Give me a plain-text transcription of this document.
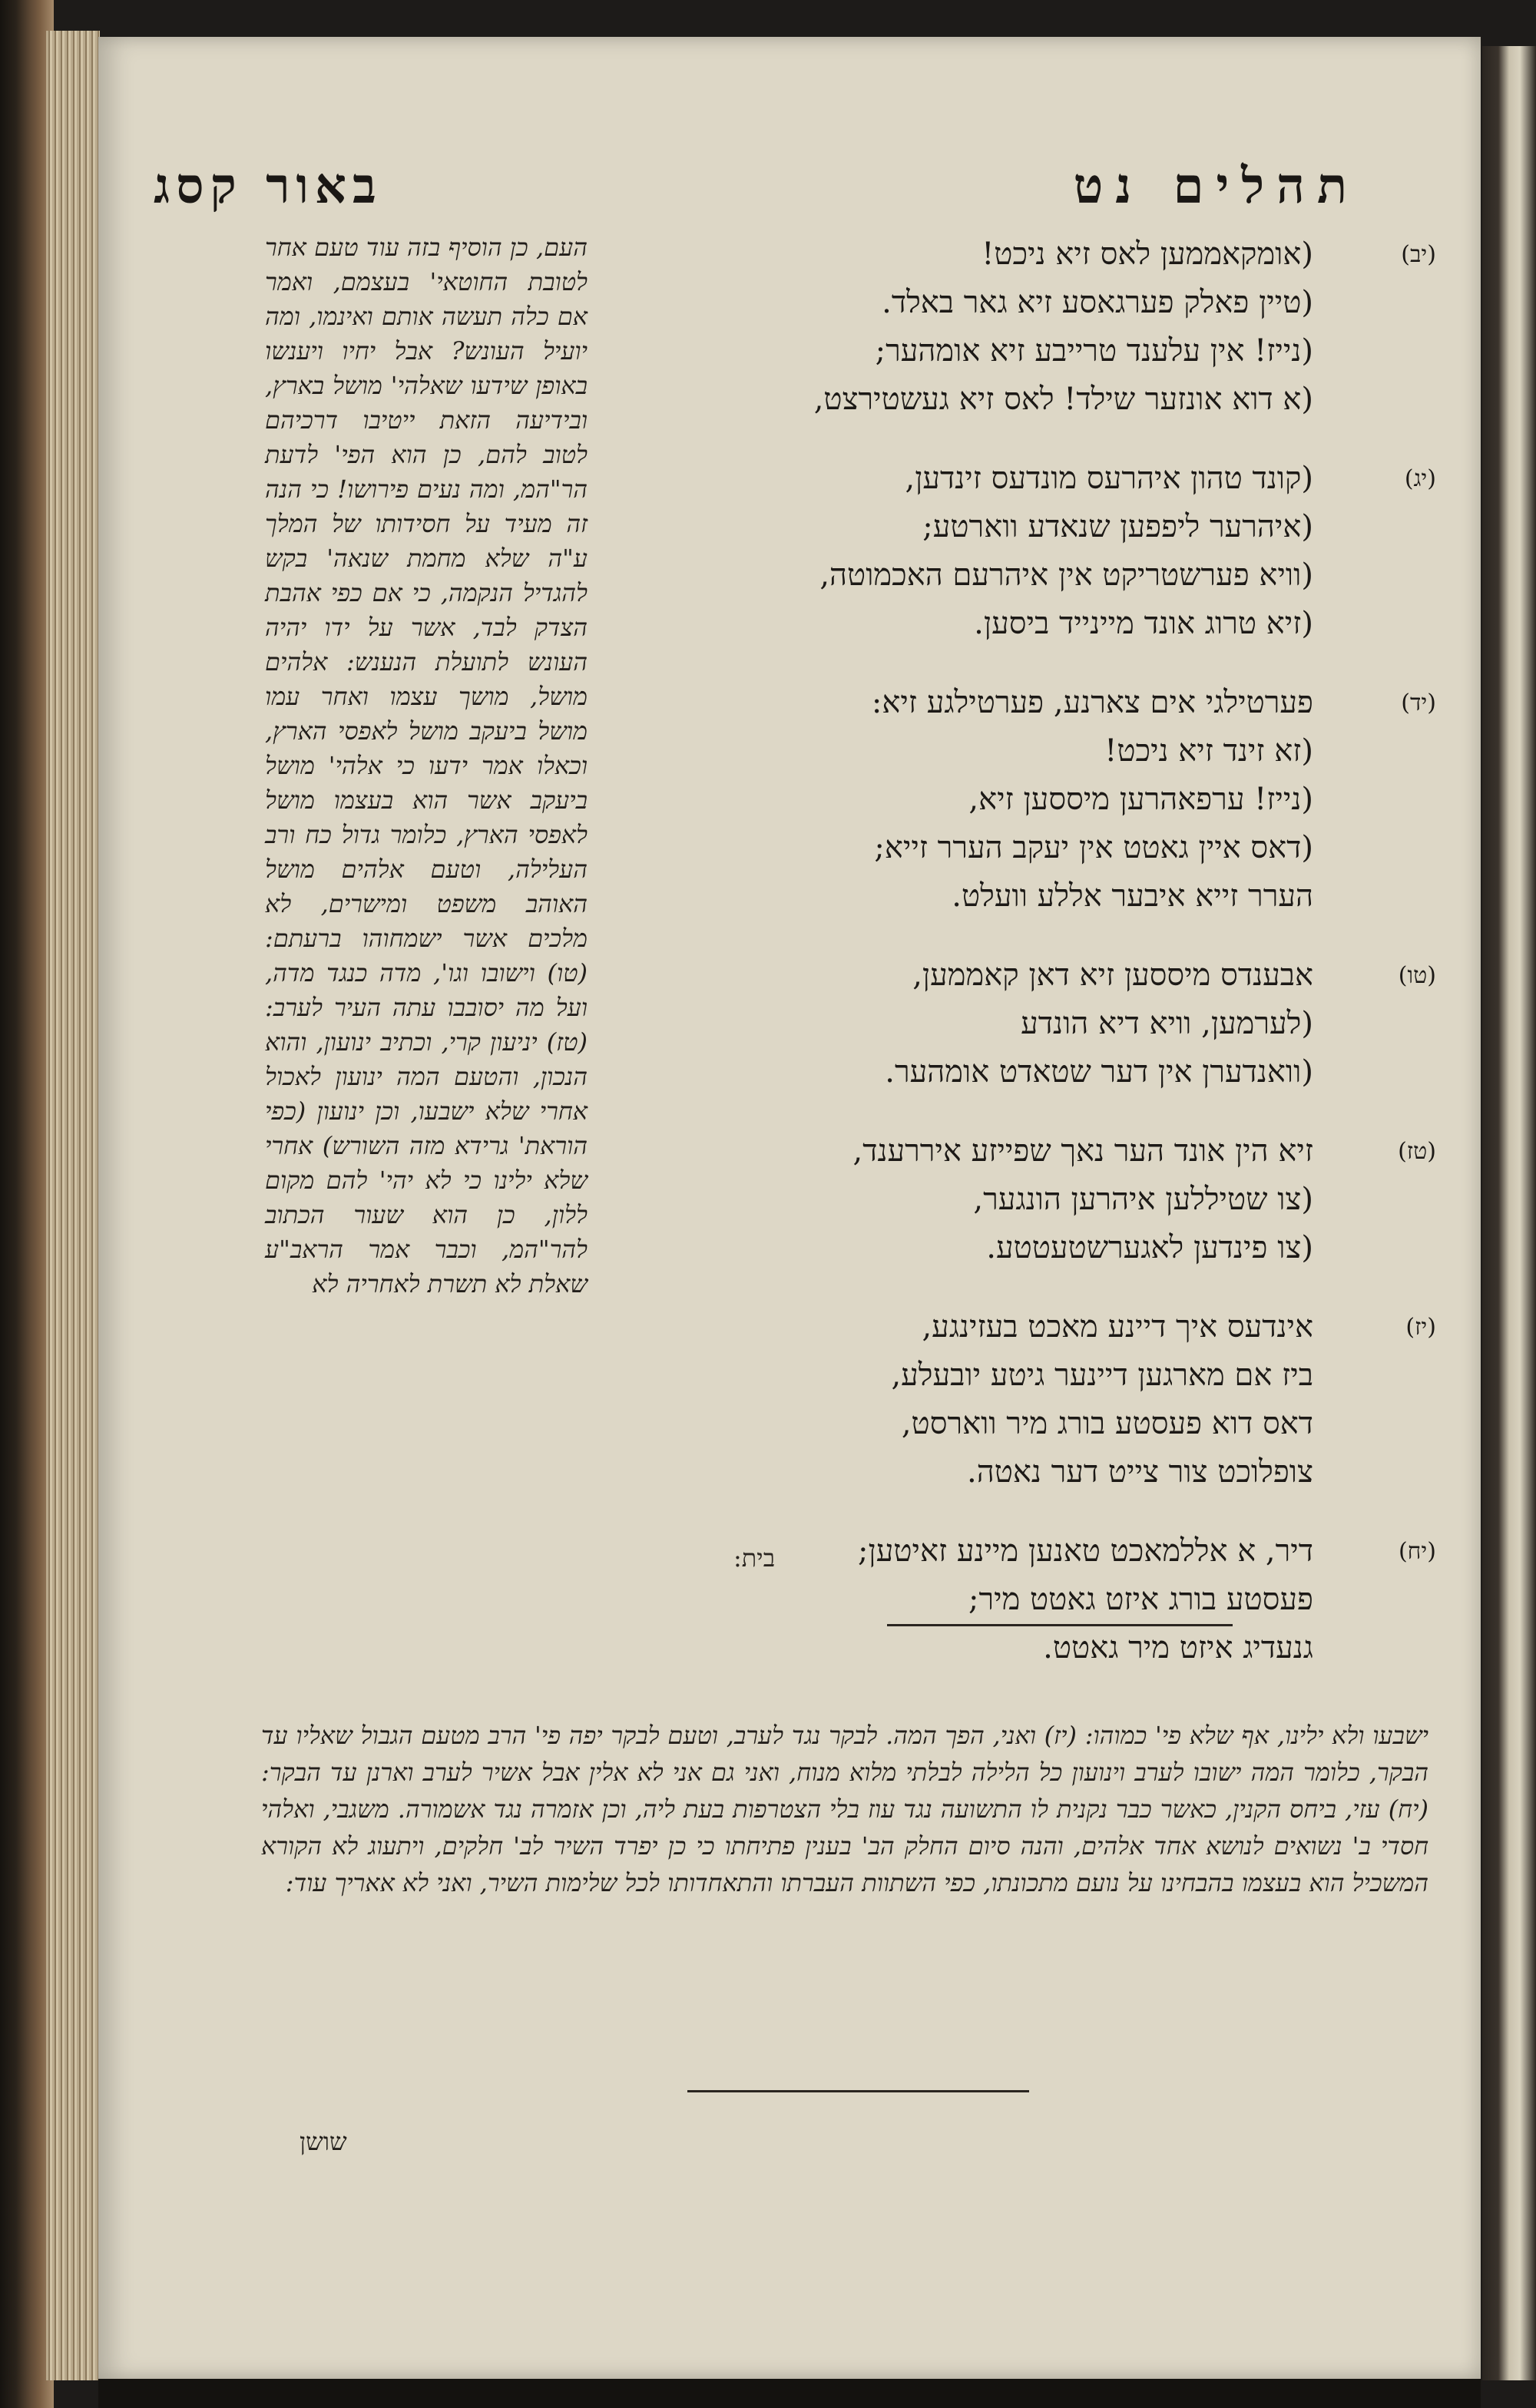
תהלים נט
באור קסג
(יב)
(אומקאממען לאס זיא ניכט!
(טיין פאלק פערגאסע זיא גאר באלד.
(נייז! אין עלענד טרייבע זיא אומהער;
(א דוא אונזער שילד! לאס זיא געשטירצט,
(יג)
(קונד טהון איהרעס מונדעס זינדען,
(איהרער ליפפען שנאדע ווארטע;
(וויא פערשטריקט אין איהרעם האכמוטה,
(זיא טרוג אונד מיינייד ביסען.
(יד)
פערטילגי אים צארנע, פערטילגע זיא:
(זא זינד זיא ניכט!
(נייז! ערפאהרען מיססען זיא,
(דאס איין גאטט אין יעקב הערר זייא;
הערר זייא איבער אללע וועלט.
(טו)
אבענדס מיססען זיא דאן קאממען,
(לערמען, וויא דיא הונדע
(וואנדערן אין דער שטאדט אומהער.
(טז)
זיא הין אונד הער נאך שפייזע איררענד,
(צו שטיללען איהרען הונגער,
(צו פינדען לאגערשטעטטע.
(יז)
אינדעס איך דיינע מאכט בעזינגע,
ביז אם מארגען דיינער גיטע יובעלע,
דאס דוא פעסטע בורג מיר ווארסט,
צופלוכט צור צייט דער נאטה.
(יח)
דיר, א אללמאכט טאנען מיינע זאיטען;
פעסטע בורג איזט גאטט מיר;
גנעדיג איזט מיר גאטט.
בית:
העם, כן הוסיף בזה עוד טעם אחר לטובת החוטאי' בעצמם, ואמר אם כלה תעשה אותם ואינמו, ומה יועיל העונש? אבל יחיו ויענשו באופן שידעו שאלהי' מושל בארץ, ובידיעה הזאת ייטיבו דרכיהם לטוב להם, כן הוא הפי' לדעת הר"המ, ומה נעים פירושו! כי הנה זה מעיד על חסידותו של המלך ע"ה שלא מחמת שנאה' בקש להגדיל הנקמה, כי אם כפי אהבת הצדק לבד, אשר על ידו יהיה העונש לתועלת הנענש: אלהים מושל, מושך עצמו ואחר עמו מושל ביעקב מושל לאפסי הארץ, וכאלו אמר ידעו כי אלהי' מושל ביעקב אשר הוא בעצמו מושל לאפסי הארץ, כלומר גדול כח ורב העלילה, וטעם אלהים מושל האוהב משפט ומישרים, לא מלכים אשר ישמחוהו ברעתם: (טו) וישובו וגו', מדה כנגד מדה, ועל מה יסובבו עתה העיר לערב: (טז) יניעון קרי, וכתיב ינועון, והוא הנכון, והטעם המה ינועון לאכול אחרי שלא ישבעו, וכן ינועון (כפי הוראת' גרידא מזה השורש) אחרי שלא ילינו כי לא יהי' להם מקום ללון, כן הוא שעור הכתוב להר"המ, וכבר אמר הראב"ע שאלת לא תשרת לאחריה לא
ישבעו ולא ילינו, אף שלא פי' כמוהו: (יז) ואני, הפך המה. לבקר נגד לערב, וטעם לבקר יפה פי' הרב מטעם הגבול שאליו עד הבקר, כלומר המה ישובו לערב וינועון כל הלילה לבלתי מלוא מנוח, ואני גם אני לא אלין אבל אשיר לערב וארנן עד הבקר: (יח) עזי, ביחס הקנין, כאשר כבר נקנית לו התשועה נגד עוז בלי הצטרפות בעת ליה, וכן אזמרה נגד אשמורה. משגבי, ואלהי חסדי ב' נשואים לנושא אחד אלהים, והנה סיום החלק הב' בענין פתיחתו כי כן יפרד השיר לב' חלקים, ויתעוג לא הקורא המשכיל הוא בעצמו בהבחינו על נועם מתכונתו, כפי השתוות העברתו והתאחדותו לכל שלימות השיר, ואני לא אאריך עוד:
שושן
